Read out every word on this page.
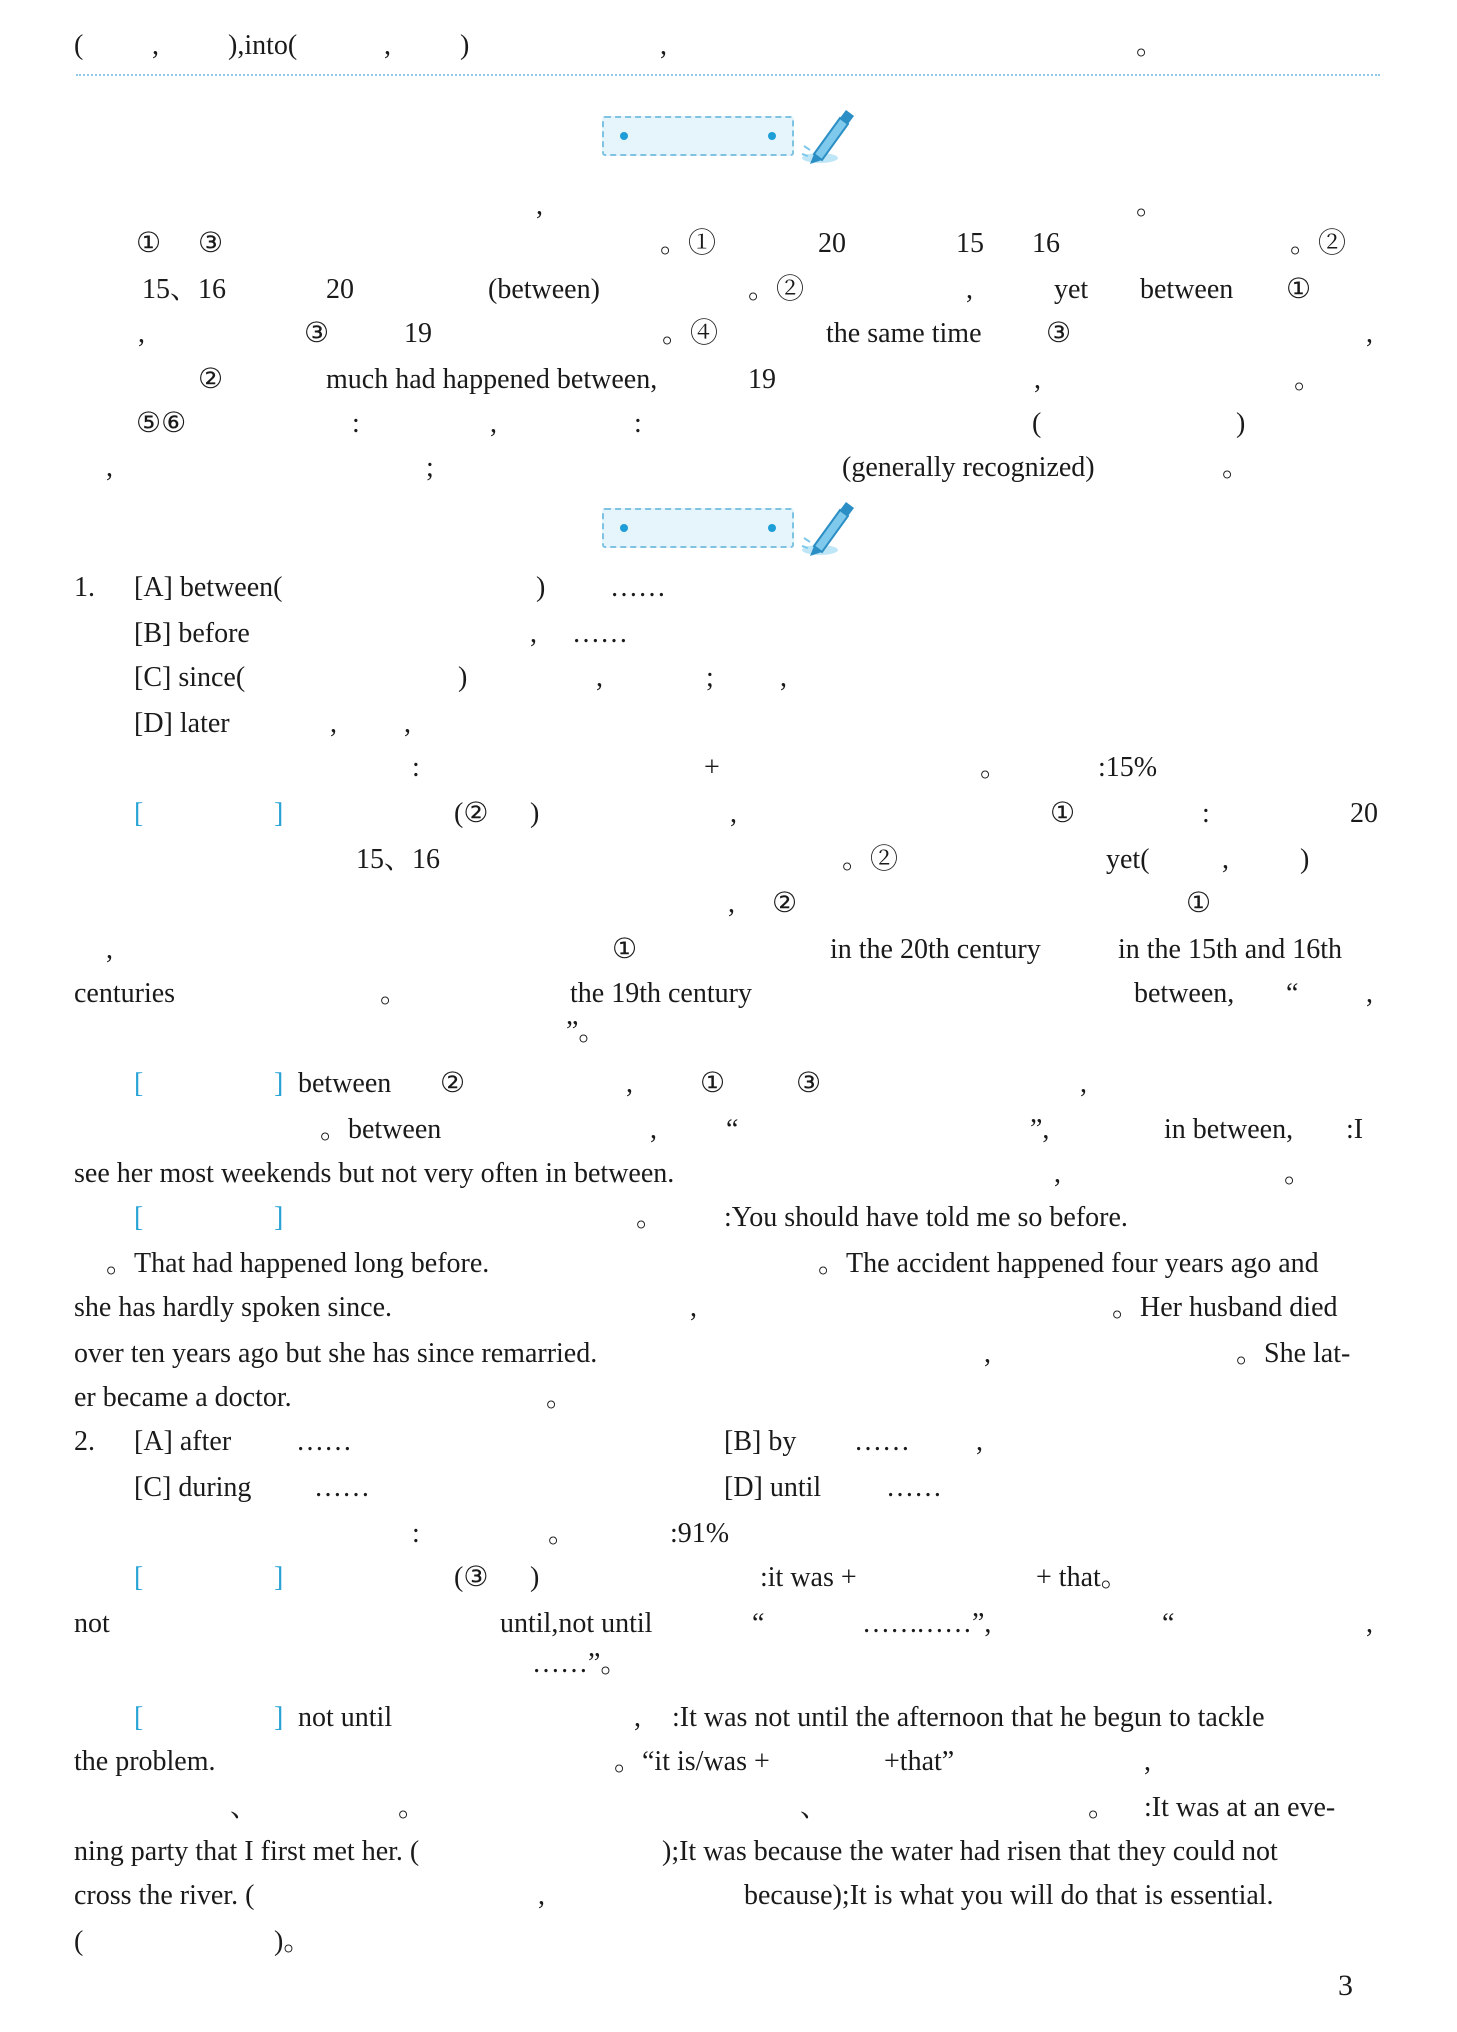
( , ),into(	, )	,	。
,	。
① ③	。①	20	15 16	。②
15、16	20	(between)	。②	,	yet between ①
,	③	19	。④	the same time ③	,
②	much had happened between,	19	,	。
⑤⑥	:	,	:	(	)
,	;	(generally recognized)	。
1. [A] between(	) ……
[B] before	, ……
[C] since(	)	,	; ,
[D] later	, ,
:	+	。	:15%
[	]	(② )	,	①	:	20
15、16	。②	yet(	,	)
, ②	①
,	①	in the 20th century	in the 15th and 16th
centuries	。	the 19th century	between, “ ,
”。
[	] between ②	, ①	③	,
。between	, “	”,	in between, :I
see her most weekends but not very often in between.	,	。
[	]	。 :You should have told me so before.
。That had happened long before.	。The accident happened four years ago and
she has hardly spoken since.	,	。Her husband died
over ten years ago but she has since remarried.	,	。She lat-
er became a doctor.	。
2. [A] after ……	[B] by …… ,
[C] during ……	[D] until ……
:	。	:91%
[	]	(③ )	:it was +	+ that。
not	until,not until	“	……
……”,	“	,
……”。
[	] not until	, :It was not until the afternoon that he begun to tackle
the problem.	。“it is/was +	+that”	,
、	。	、	。 :It was at an eve-
ning party that I first met her. (	);It was because the water had risen that they could not
cross the river. (	,	because);It is what you will do that is essential.
(	)。
3
